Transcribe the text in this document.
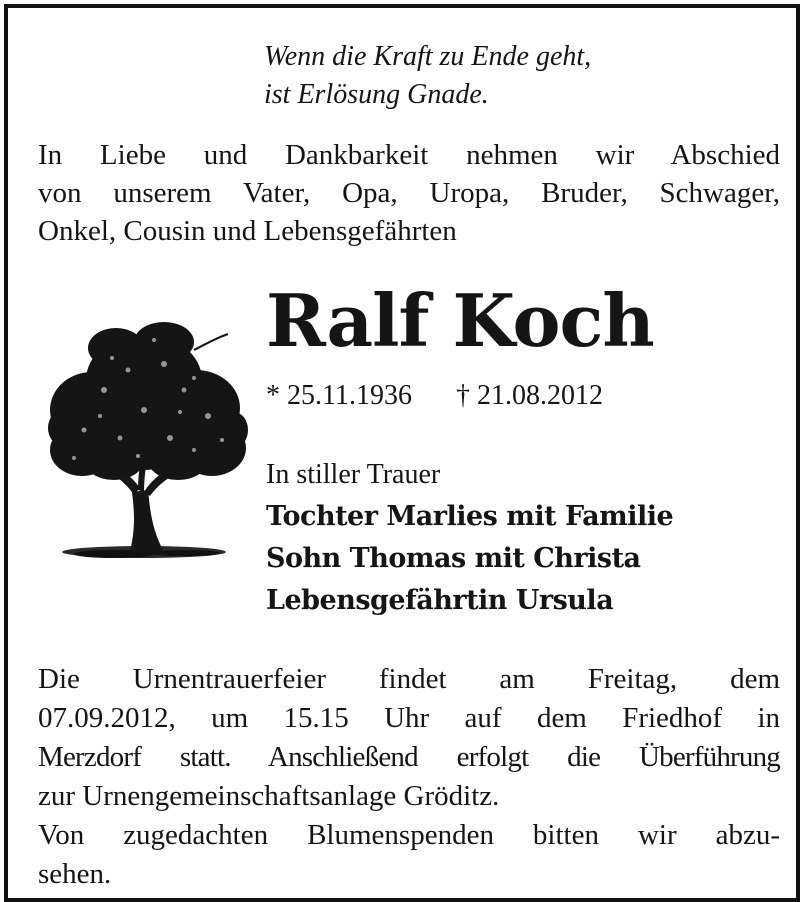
Wenn die Kraft zu Ende geht,
ist Erlösung Gnade.
In Liebe und Dankbarkeit nehmen wir Abschied
von unserem Vater, Opa, Uropa, Bruder, Schwager,
Onkel, Cousin und Lebensgefährten
Ralf Koch
* 25.11.1936 † 21.08.2012
In stiller Trauer
Tochter Marlies mit Familie
Sohn Thomas mit Christa
Lebensgefährtin Ursula
Die Urnentrauerfeier findet am Freitag, dem
07.09.2012, um 15.15 Uhr auf dem Friedhof in
Merzdorf statt. Anschließend erfolgt die Überführung
zur Urnengemeinschaftsanlage Gröditz.
Von zugedachten Blumenspenden bitten wir abzu-
sehen.
